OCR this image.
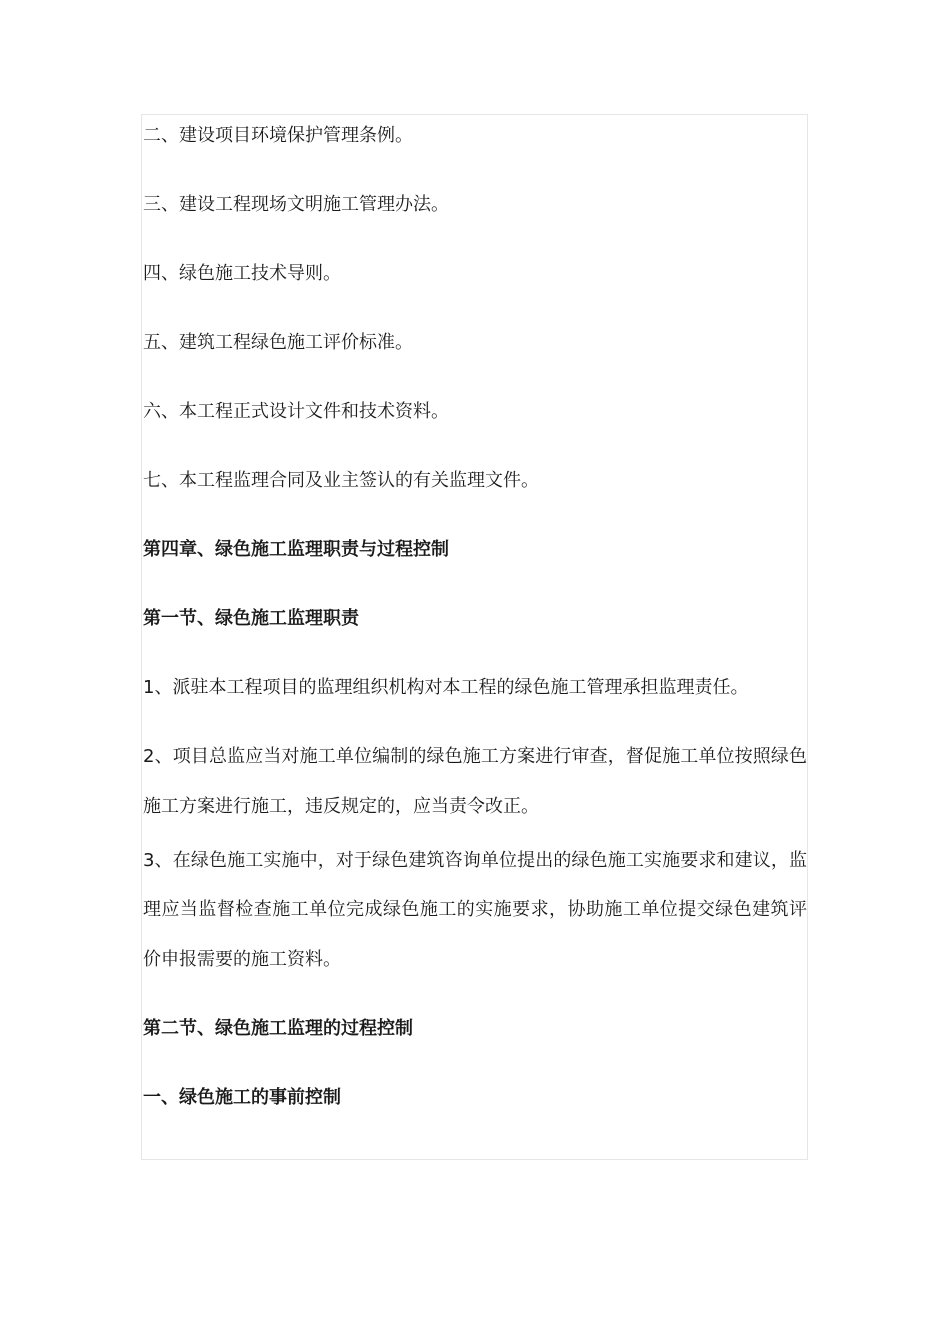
二、建设项目环境保护管理条例。

三、建设工程现场文明施工管理办法。

四、绿色施工技术导则。

五、建筑工程绿色施工评价标准。

六、本工程正式设计文件和技术资料。

七、本工程监理合同及业主签认的有关监理文件。

第四章、绿色施工监理职责与过程控制

第一节、绿色施工监理职责

1、派驻本工程项目的监理组织机构对本工程的绿色施工管理承担监理责任。

2、项目总监应当对施工单位编制的绿色施工方案进行审查，督促施工单位按照绿色施工方案进行施工，违反规定的，应当责令改正。

3、在绿色施工实施中，对于绿色建筑咨询单位提出的绿色施工实施要求和建议，监理应当监督检查施工单位完成绿色施工的实施要求，协助施工单位提交绿色建筑评价申报需要的施工资料。

第二节、绿色施工监理的过程控制

一、绿色施工的事前控制
